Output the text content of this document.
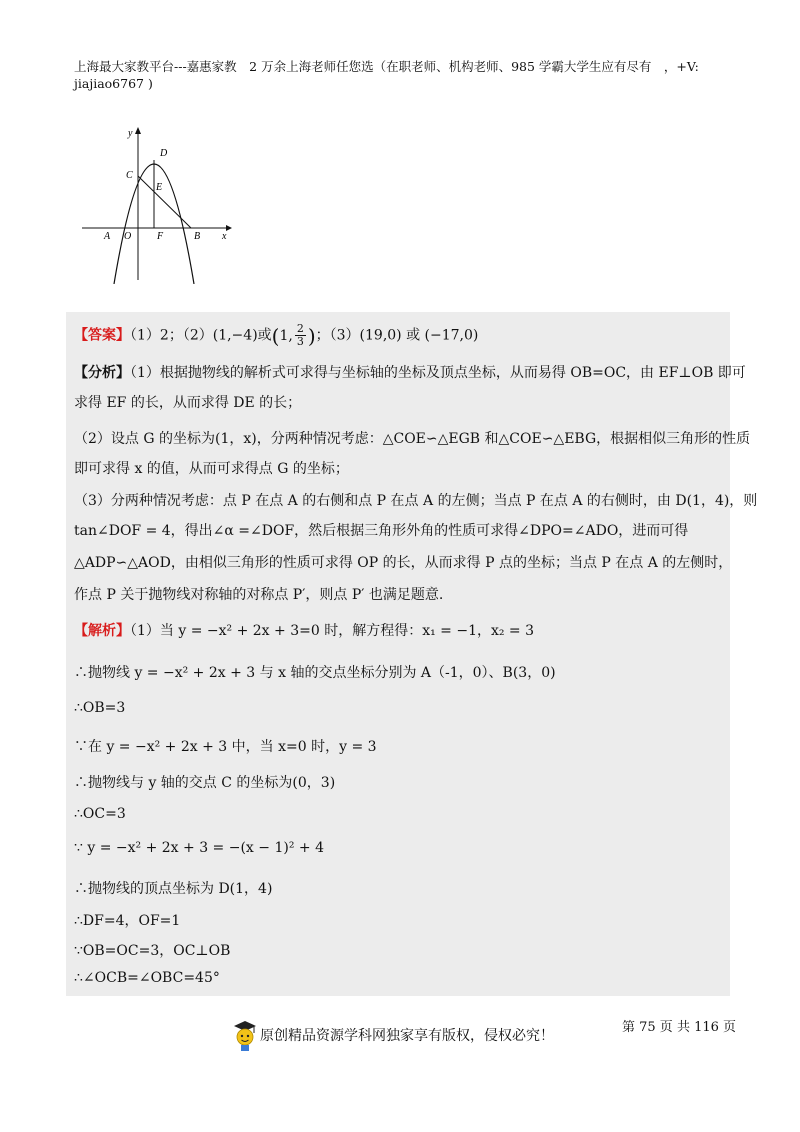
上海最大家教平台---嘉惠家教　2 万余上海老师任您选（在职老师、机构老师、985 学霸大学生应有尽有　，+V:
jiajiao6767 )
y
x
C
D
E
A O	F	B
【答案】（1）2；（2）(1,−4)或( 1, 2
3 )；（3）(19,0) 或 (−17,0)
【分析】（1）根据抛物线的解析式可求得与坐标轴的坐标及顶点坐标，从而易得 OB=OC，由 EF⊥OB 即可
求得 EF 的长，从而求得 DE 的长；
（2）设点 G 的坐标为(1，x)，分两种情况考虑：△COE∽△EGB 和△COE∽△EBG，根据相似三角形的性质
即可求得 x 的值，从而可求得点 G 的坐标；
（3）分两种情况考虑：点 P 在点 A 的右侧和点 P 在点 A 的左侧；当点 P 在点 A 的右侧时，由 D(1，4)，则
tan∠DOF = 4，得出∠α =∠DOF，然后根据三角形外角的性质可求得∠DPO=∠ADO，进而可得
△ADP∽△AOD，由相似三角形的性质可求得 OP 的长，从而求得 P 点的坐标；当点 P 在点 A 的左侧时，
作点 P 关于抛物线对称轴的对称点 P′，则点 P′ 也满足题意.
【解析】（1）当 y = −x² + 2x + 3=0 时，解方程得：x₁ = −1，x₂ = 3
∴抛物线 y = −x² + 2x + 3 与 x 轴的交点坐标分别为 A（-1，0）、B(3，0)
∴OB=3
∵在 y = −x² + 2x + 3 中，当 x=0 时，y = 3
∴抛物线与 y 轴的交点 C 的坐标为(0，3)
∴OC=3
∵ y = −x² + 2x + 3 = −(x − 1)² + 4
∴抛物线的顶点坐标为 D(1，4)
∴DF=4，OF=1
∵OB=OC=3，OC⊥OB
∴∠OCB=∠OBC=45°
原创精品资源学科网独家享有版权，侵权必究！
第 75 页 共 116 页
